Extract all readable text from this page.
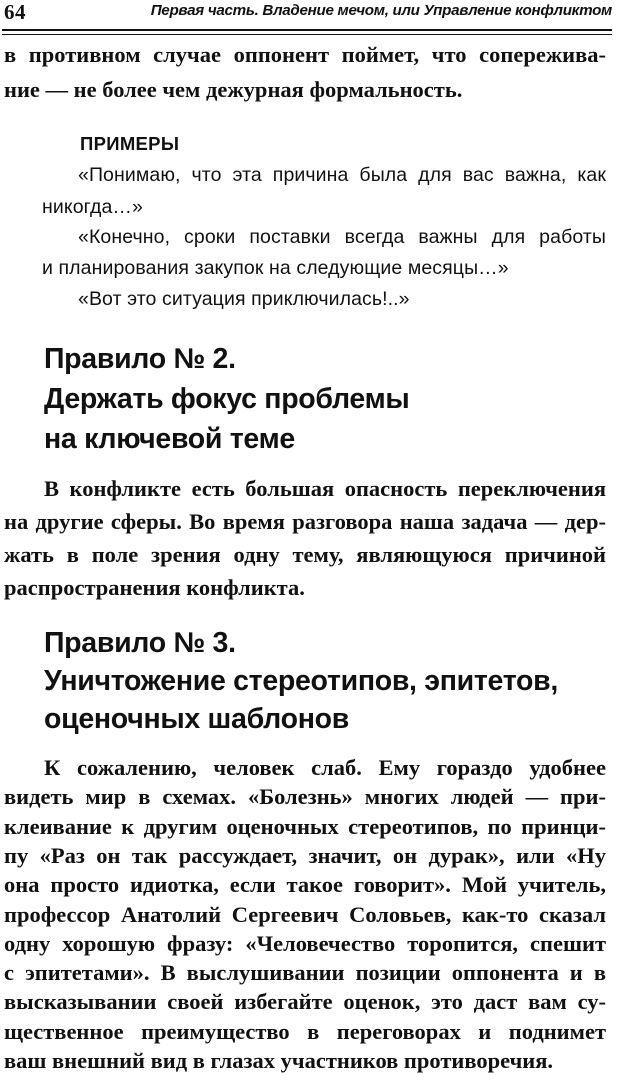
64	Первая часть. Владение мечом, или Управление конфликтом
в противном случае оппонент поймет, что сопережива-
ние — не более чем дежурная формальность.
ПРИМЕРЫ
«Понимаю, что эта причина была для вас важна, как
никогда…»
«Конечно, сроки поставки всегда важны для работы
и планирования закупок на следующие месяцы…»
«Вот это ситуация приключилась!..»
Правило № 2.
Держать фокус проблемы
на ключевой теме
В конфликте есть большая опасность переключения
на другие сферы. Во время разговора наша задача — дер-
жать в поле зрения одну тему, являющуюся причиной
распространения конфликта.
Правило № 3.
Уничтожение стереотипов, эпитетов,
оценочных шаблонов
К сожалению, человек слаб. Ему гораздо удобнее
видеть мир в схемах. «Болезнь» многих людей — при-
клеивание к другим оценочных стереотипов, по принци-
пу «Раз он так рассуждает, значит, он дурак», или «Ну
она просто идиотка, если такое говорит». Мой учитель,
профессор Анатолий Сергеевич Соловьев, как-то сказал
одну хорошую фразу: «Человечество торопится, спешит
с эпитетами». В выслушивании позиции оппонента и в
высказывании своей избегайте оценок, это даст вам су-
щественное преимущество в переговорах и поднимет
ваш внешний вид в глазах участников противоречия.
